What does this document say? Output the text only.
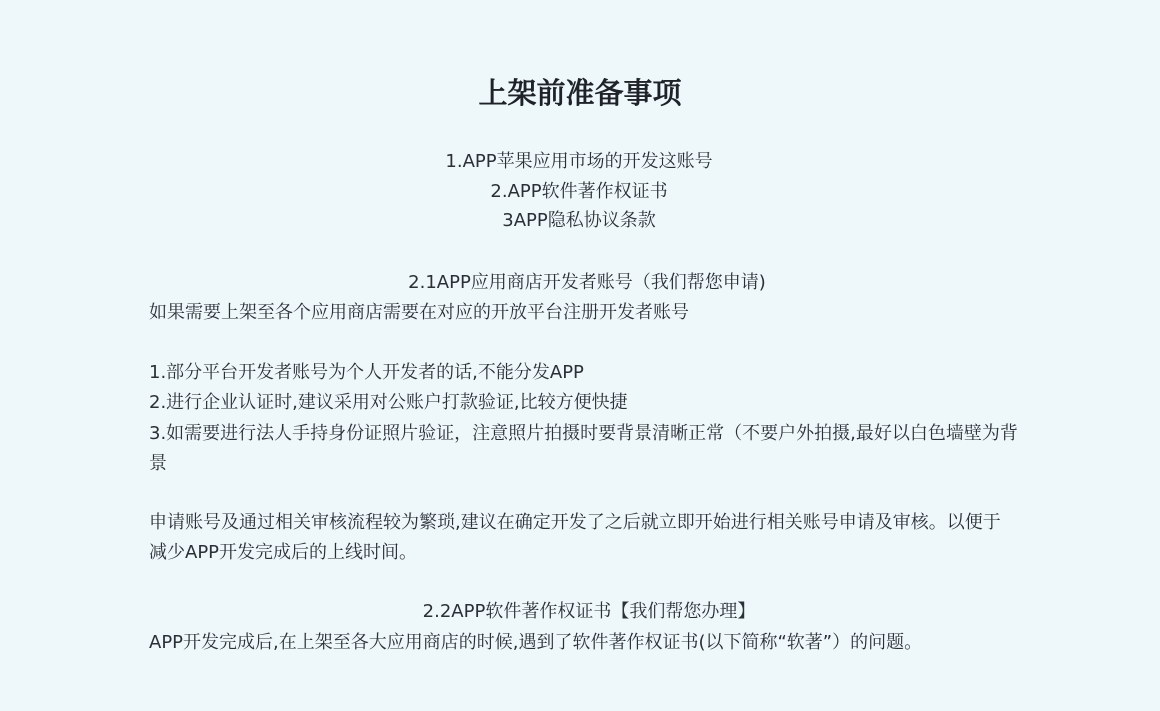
上架前准备事项
1.APP苹果应用市场的开发这账号
2.APP软件著作权证书
3APP隐私协议条款
2.1APP应用商店开发者账号（我们帮您申请)
如果需要上架至各个应用商店需要在对应的开放平台注册开发者账号
1.部分平台开发者账号为个人开发者的话,不能分发APP
2.进行企业认证时,建议采用对公账户打款验证,比较方便快捷
3.如需要进行法人手持身份证照片验证，注意照片拍摄时要背景清晰正常（不要户外拍摄,最好以白色墙壁为背景
申请账号及通过相关审核流程较为繁琐,建议在确定开发了之后就立即开始进行相关账号申请及审核。以便于减少APP开发完成后的上线时间。
2.2APP软件著作权证书【我们帮您办理】
APP开发完成后,在上架至各大应用商店的时候,遇到了软件著作权证书(以下简称“软著”）的问题。
